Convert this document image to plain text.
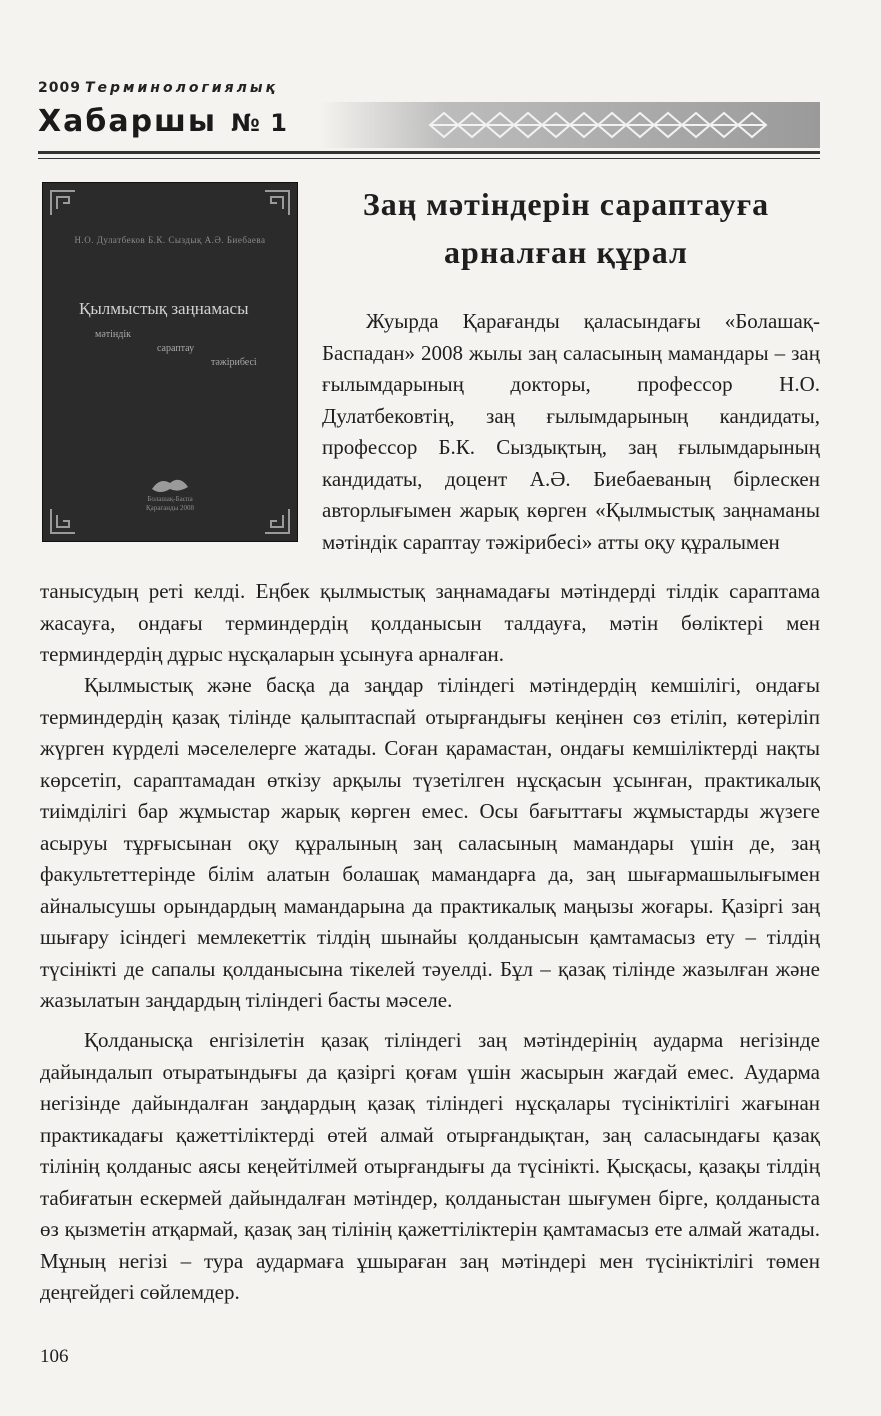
2009 Терминологиялық
Хабаршы № 1
Н.О. Дулатбеков Б.К. Сыздық А.Ә. Биебаева
Қылмыстық заңнамасы
мәтіндік
сараптау
тәжірибесі
Болашақ-Баспа
Қарағанды 2008
Заң мәтіндерін сараптауға
арналған құрал

Жуырда Қарағанды қаласындағы «Болашақ-Баспадан» 2008 жылы заң саласының мамандары – заң ғылымдарының докторы, профессор Н.О. Дулатбековтің, заң ғылымдарының кандидаты, профессор Б.К. Сыздықтың, заң ғылымдарының кандидаты, доцент А.Ә. Биебаеваның бірлескен авторлығымен жарық көрген «Қылмыстық заңнаманы мәтіндік сараптау тәжірибесі» атты оқу құралымен

танысудың реті келді. Еңбек қылмыстық заңнамадағы мәтіндерді тілдік сараптама жасауға, ондағы терминдердің қолданысын талдауға, мәтін бөліктері мен терминдердің дұрыс нұсқаларын ұсынуға арналған.

Қылмыстық және басқа да заңдар тіліндегі мәтіндердің кемшілігі, ондағы терминдердің қазақ тілінде қалыптаспай отырғандығы кеңінен сөз етіліп, көтеріліп жүрген күрделі мәселелерге жатады. Соған қарамастан, ондағы кемшіліктерді нақты көрсетіп, сараптамадан өткізу арқылы түзетілген нұсқасын ұсынған, практикалық тиімділігі бар жұмыстар жарық көрген емес. Осы бағыттағы жұмыстарды жүзеге асыруы тұрғысынан оқу құралының заң саласының мамандары үшін де, заң факультеттерінде білім алатын болашақ мамандарға да, заң шығармашылығымен айналысушы орындардың мамандарына да практикалық маңызы жоғары. Қазіргі заң шығару ісіндегі мемлекеттік тілдің шынайы қолданысын қамтамасыз ету – тілдің түсінікті де сапалы қолданысына тікелей тәуелді. Бұл – қазақ тілінде жазылған және жазылатын заңдардың тіліндегі басты мәселе.

Қолданысқа енгізілетін қазақ тіліндегі заң мәтіндерінің аударма негізінде дайындалып отыратындығы да қазіргі қоғам үшін жасырын жағдай емес. Аударма негізінде дайындалған заңдардың қазақ тіліндегі нұсқалары түсініктілігі жағынан практикадағы қажеттіліктерді өтей алмай отырғандықтан, заң саласындағы қазақ тілінің қолданыс аясы кеңейтілмей отырғандығы да түсінікті. Қысқасы, қазақы тілдің табиғатын ескермей дайындалған мәтіндер, қолданыстан шығумен бірге, қолданыста өз қызметін атқармай, қазақ заң тілінің қажеттіліктерін қамтамасыз ете алмай жатады. Мұның негізі – тура аудармаға ұшыраған заң мәтіндері мен түсініктілігі төмен деңгейдегі сөйлемдер.

106
